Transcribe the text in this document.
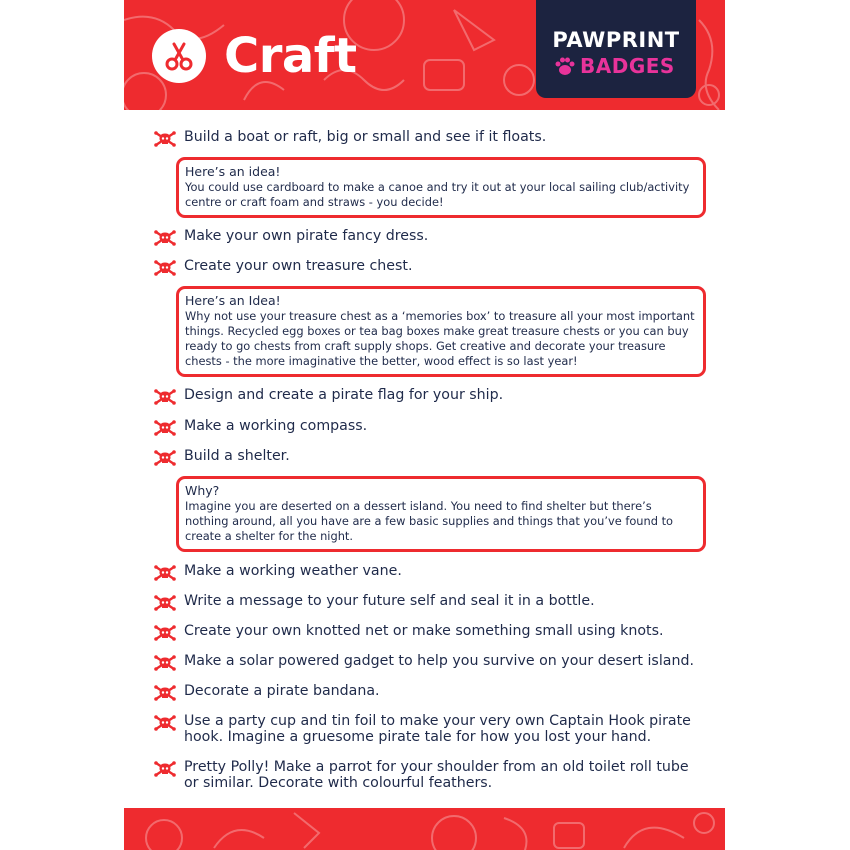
Craft	PAWPRINT
BADGES
Build a boat or raft, big or small and see if it floats.
Here’s an idea!
You could use cardboard to make a canoe and try it out at your local sailing club/activity centre or craft foam and straws - you decide!
Make your own pirate fancy dress.
Create your own treasure chest.
Here’s an Idea!
Why not use your treasure chest as a ‘memories box’ to treasure all your most important things. Recycled egg boxes or tea bag boxes make great treasure chests or you can buy ready to go chests from craft supply shops. Get creative and decorate your treasure chests - the more imaginative the better, wood effect is so last year!
Design and create a pirate flag for your ship.
Make a working compass.
Build a shelter.
Why?
Imagine you are deserted on a dessert island. You need to find shelter but there’s nothing around, all you have are a few basic supplies and things that you’ve found to create a shelter for the night.
Make a working weather vane.
Write a message to your future self and seal it in a bottle.
Create your own knotted net or make something small using knots.
Make a solar powered gadget to help you survive on your desert island.
Decorate a pirate bandana.
Use a party cup and tin foil to make your very own Captain Hook pirate hook. Imagine a gruesome pirate tale for how you lost your hand.
Pretty Polly! Make a parrot for your shoulder from an old toilet roll tube or similar. Decorate with colourful feathers.
